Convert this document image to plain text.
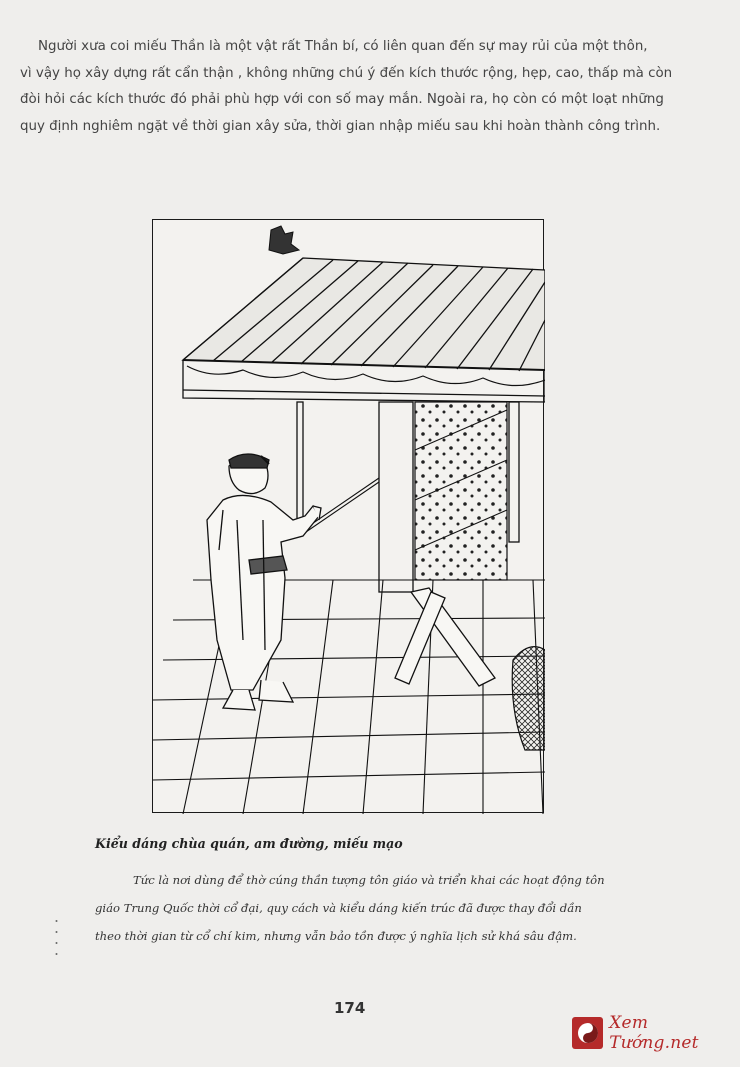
Người xưa coi miếu Thần là một vật rất Thần bí, có liên quan đến sự may rủi của một thôn,
vì vậy họ xây dựng rất cẩn thận , không những chú ý đến kích thước rộng, hẹp, cao, thấp mà còn
đòi hỏi các kích thước đó phải phù hợp với con số may mắn. Ngoài ra, họ còn có một loạt những
quy định nghiêm ngặt về thời gian xây sửa, thời gian nhập miếu sau khi hoàn thành công trình.

Kiểu dáng chùa quán, am đường, miếu mạo

Tức là nơi dùng để thờ cúng thần tượng tôn giáo và triển khai các hoạt động tôn
giáo Trung Quốc thời cổ đại, quy cách và kiểu dáng kiến trúc đã được thay đổi dần
theo thời gian từ cổ chí kim, nhưng vẫn bảo tồn được ý nghĩa lịch sử khá sâu đậm.

174
Xem Tướng.net
